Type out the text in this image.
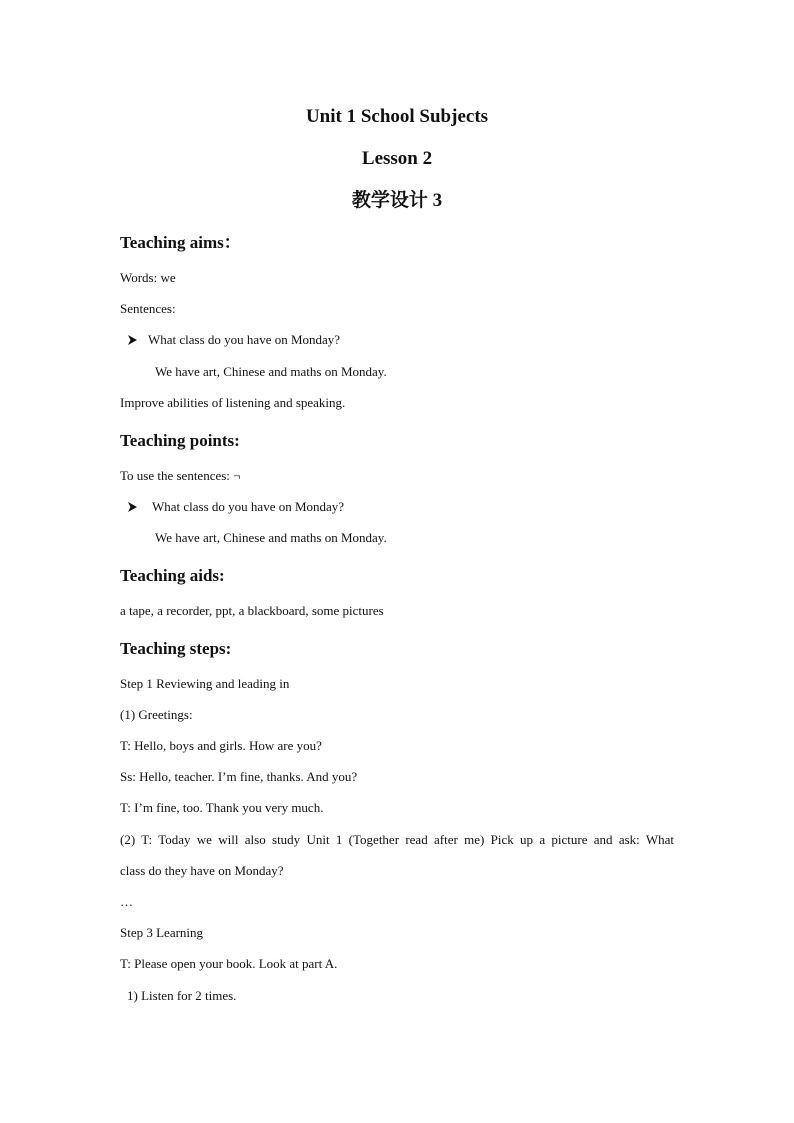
Unit 1 School Subjects
Lesson 2
教学设计 3
Teaching aims：

Words: we

Sentences:

What class do you have on Monday?

We have art, Chinese and maths on Monday.

Improve abilities of listening and speaking.

Teaching points:

To use the sentences: ¬

What class do you have on Monday?

We have art, Chinese and maths on Monday.

Teaching aids:

a tape, a recorder, ppt, a blackboard, some pictures

Teaching steps:

Step 1 Reviewing and leading in

(1) Greetings:

T: Hello, boys and girls. How are you?

Ss: Hello, teacher. I’m fine, thanks. And you?

T: I’m fine, too. Thank you very much.

(2) T: Today we will also study Unit 1 (Together read after me) Pick up a picture and ask: What

class do they have on Monday?

…

Step 3 Learning

T: Please open your book. Look at part A.

1) Listen for 2 times.
